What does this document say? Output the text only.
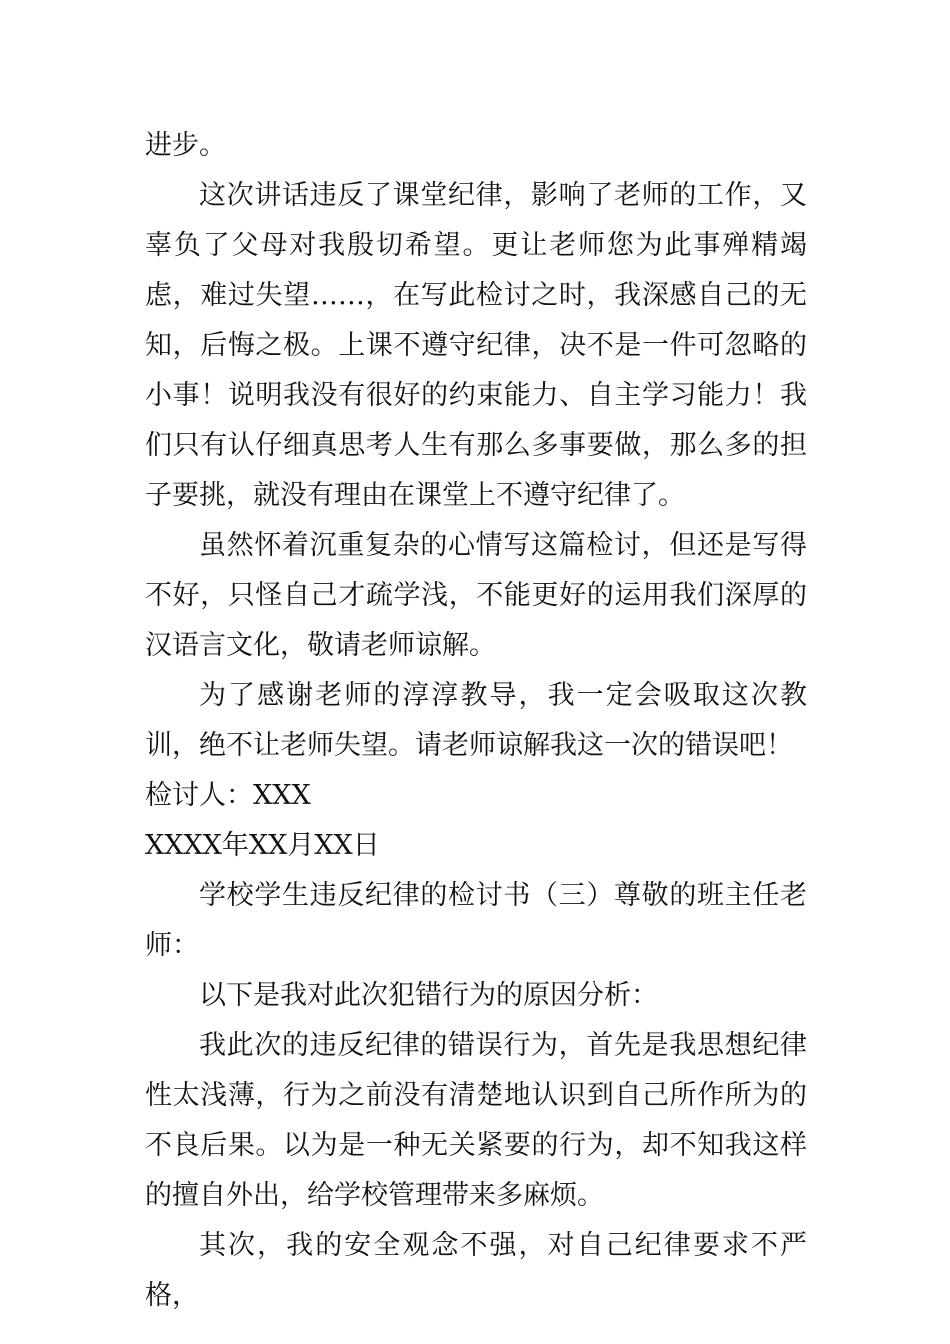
进步。

这次讲话违反了课堂纪律，影响了老师的工作，又辜负了父母对我殷切希望。更让老师您为此事殚精竭虑，难过失望……，在写此检讨之时，我深感自己的无知，后悔之极。上课不遵守纪律，决不是一件可忽略的小事！说明我没有很好的约束能力、自主学习能力！我们只有认仔细真思考人生有那么多事要做，那么多的担子要挑，就没有理由在课堂上不遵守纪律了。

虽然怀着沉重复杂的心情写这篇检讨，但还是写得不好，只怪自己才疏学浅，不能更好的运用我们深厚的汉语言文化，敬请老师谅解。

为了感谢老师的淳淳教导，我一定会吸取这次教训，绝不让老师失望。请老师谅解我这一次的错误吧！

检讨人：XXX

XXXX年XX月XX日

学校学生违反纪律的检讨书（三）尊敬的班主任老师：

以下是我对此次犯错行为的原因分析：

我此次的违反纪律的错误行为，首先是我思想纪律性太浅薄，行为之前没有清楚地认识到自己所作所为的不良后果。以为是一种无关紧要的行为，却不知我这样的擅自外出，给学校管理带来多麻烦。

其次，我的安全观念不强，对自己纪律要求不严格，
